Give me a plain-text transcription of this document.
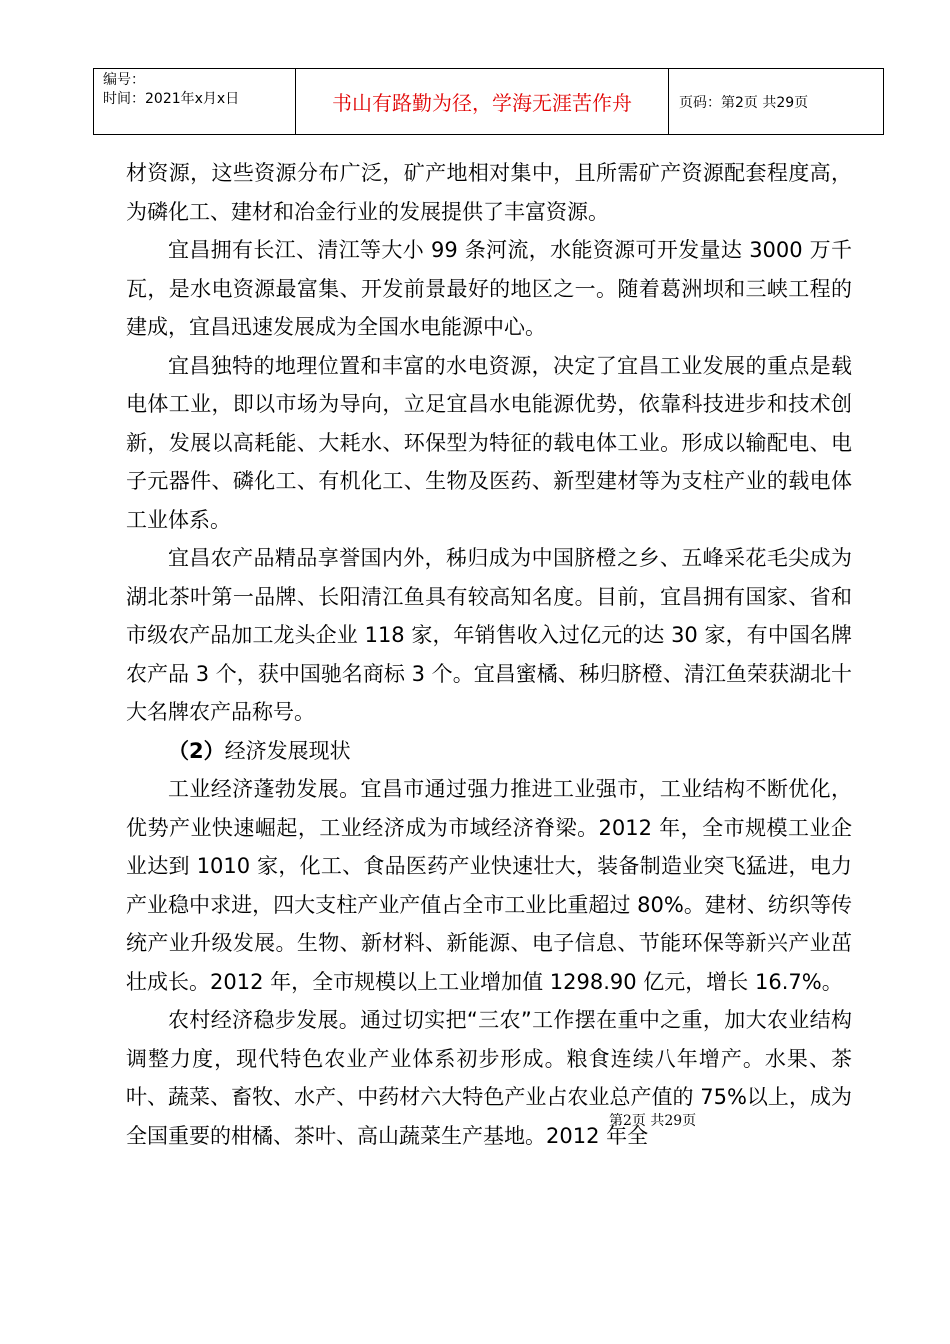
编号：
时间：2021年x月x日	书山有路勤为径，学海无涯苦作舟	页码：第2页 共29页

材资源，这些资源分布广泛，矿产地相对集中，且所需矿产资源配套程度高，为磷化工、建材和冶金行业的发展提供了丰富资源。

宜昌拥有长江、清江等大小 99 条河流，水能资源可开发量达 3000 万千瓦，是水电资源最富集、开发前景最好的地区之一。随着葛洲坝和三峡工程的建成，宜昌迅速发展成为全国水电能源中心。

宜昌独特的地理位置和丰富的水电资源，决定了宜昌工业发展的重点是载电体工业，即以市场为导向，立足宜昌水电能源优势，依靠科技进步和技术创新，发展以高耗能、大耗水、环保型为特征的载电体工业。形成以输配电、电子元器件、磷化工、有机化工、生物及医药、新型建材等为支柱产业的载电体工业体系。

宜昌农产品精品享誉国内外，秭归成为中国脐橙之乡、五峰采花毛尖成为湖北茶叶第一品牌、长阳清江鱼具有较高知名度。目前，宜昌拥有国家、省和市级农产品加工龙头企业 118 家，年销售收入过亿元的达 30 家，有中国名牌农产品 3 个，获中国驰名商标 3 个。宜昌蜜橘、秭归脐橙、清江鱼荣获湖北十大名牌农产品称号。

（2）经济发展现状

工业经济蓬勃发展。宜昌市通过强力推进工业强市，工业结构不断优化，优势产业快速崛起，工业经济成为市域经济脊梁。2012 年，全市规模工业企业达到 1010 家，化工、食品医药产业快速壮大，装备制造业突飞猛进，电力产业稳中求进，四大支柱产业产值占全市工业比重超过 80%。建材、纺织等传统产业升级发展。生物、新材料、新能源、电子信息、节能环保等新兴产业茁壮成长。2012 年，全市规模以上工业增加值 1298.90 亿元，增长 16.7%。

农村经济稳步发展。通过切实把“三农”工作摆在重中之重，加大农业结构调整力度，现代特色农业产业体系初步形成。粮食连续八年增产。水果、茶叶、蔬菜、畜牧、水产、中药材六大特色产业占农业总产值的 75%以上，成为全国重要的柑橘、茶叶、高山蔬菜生产基地。2012 年全

第2页 共29页
